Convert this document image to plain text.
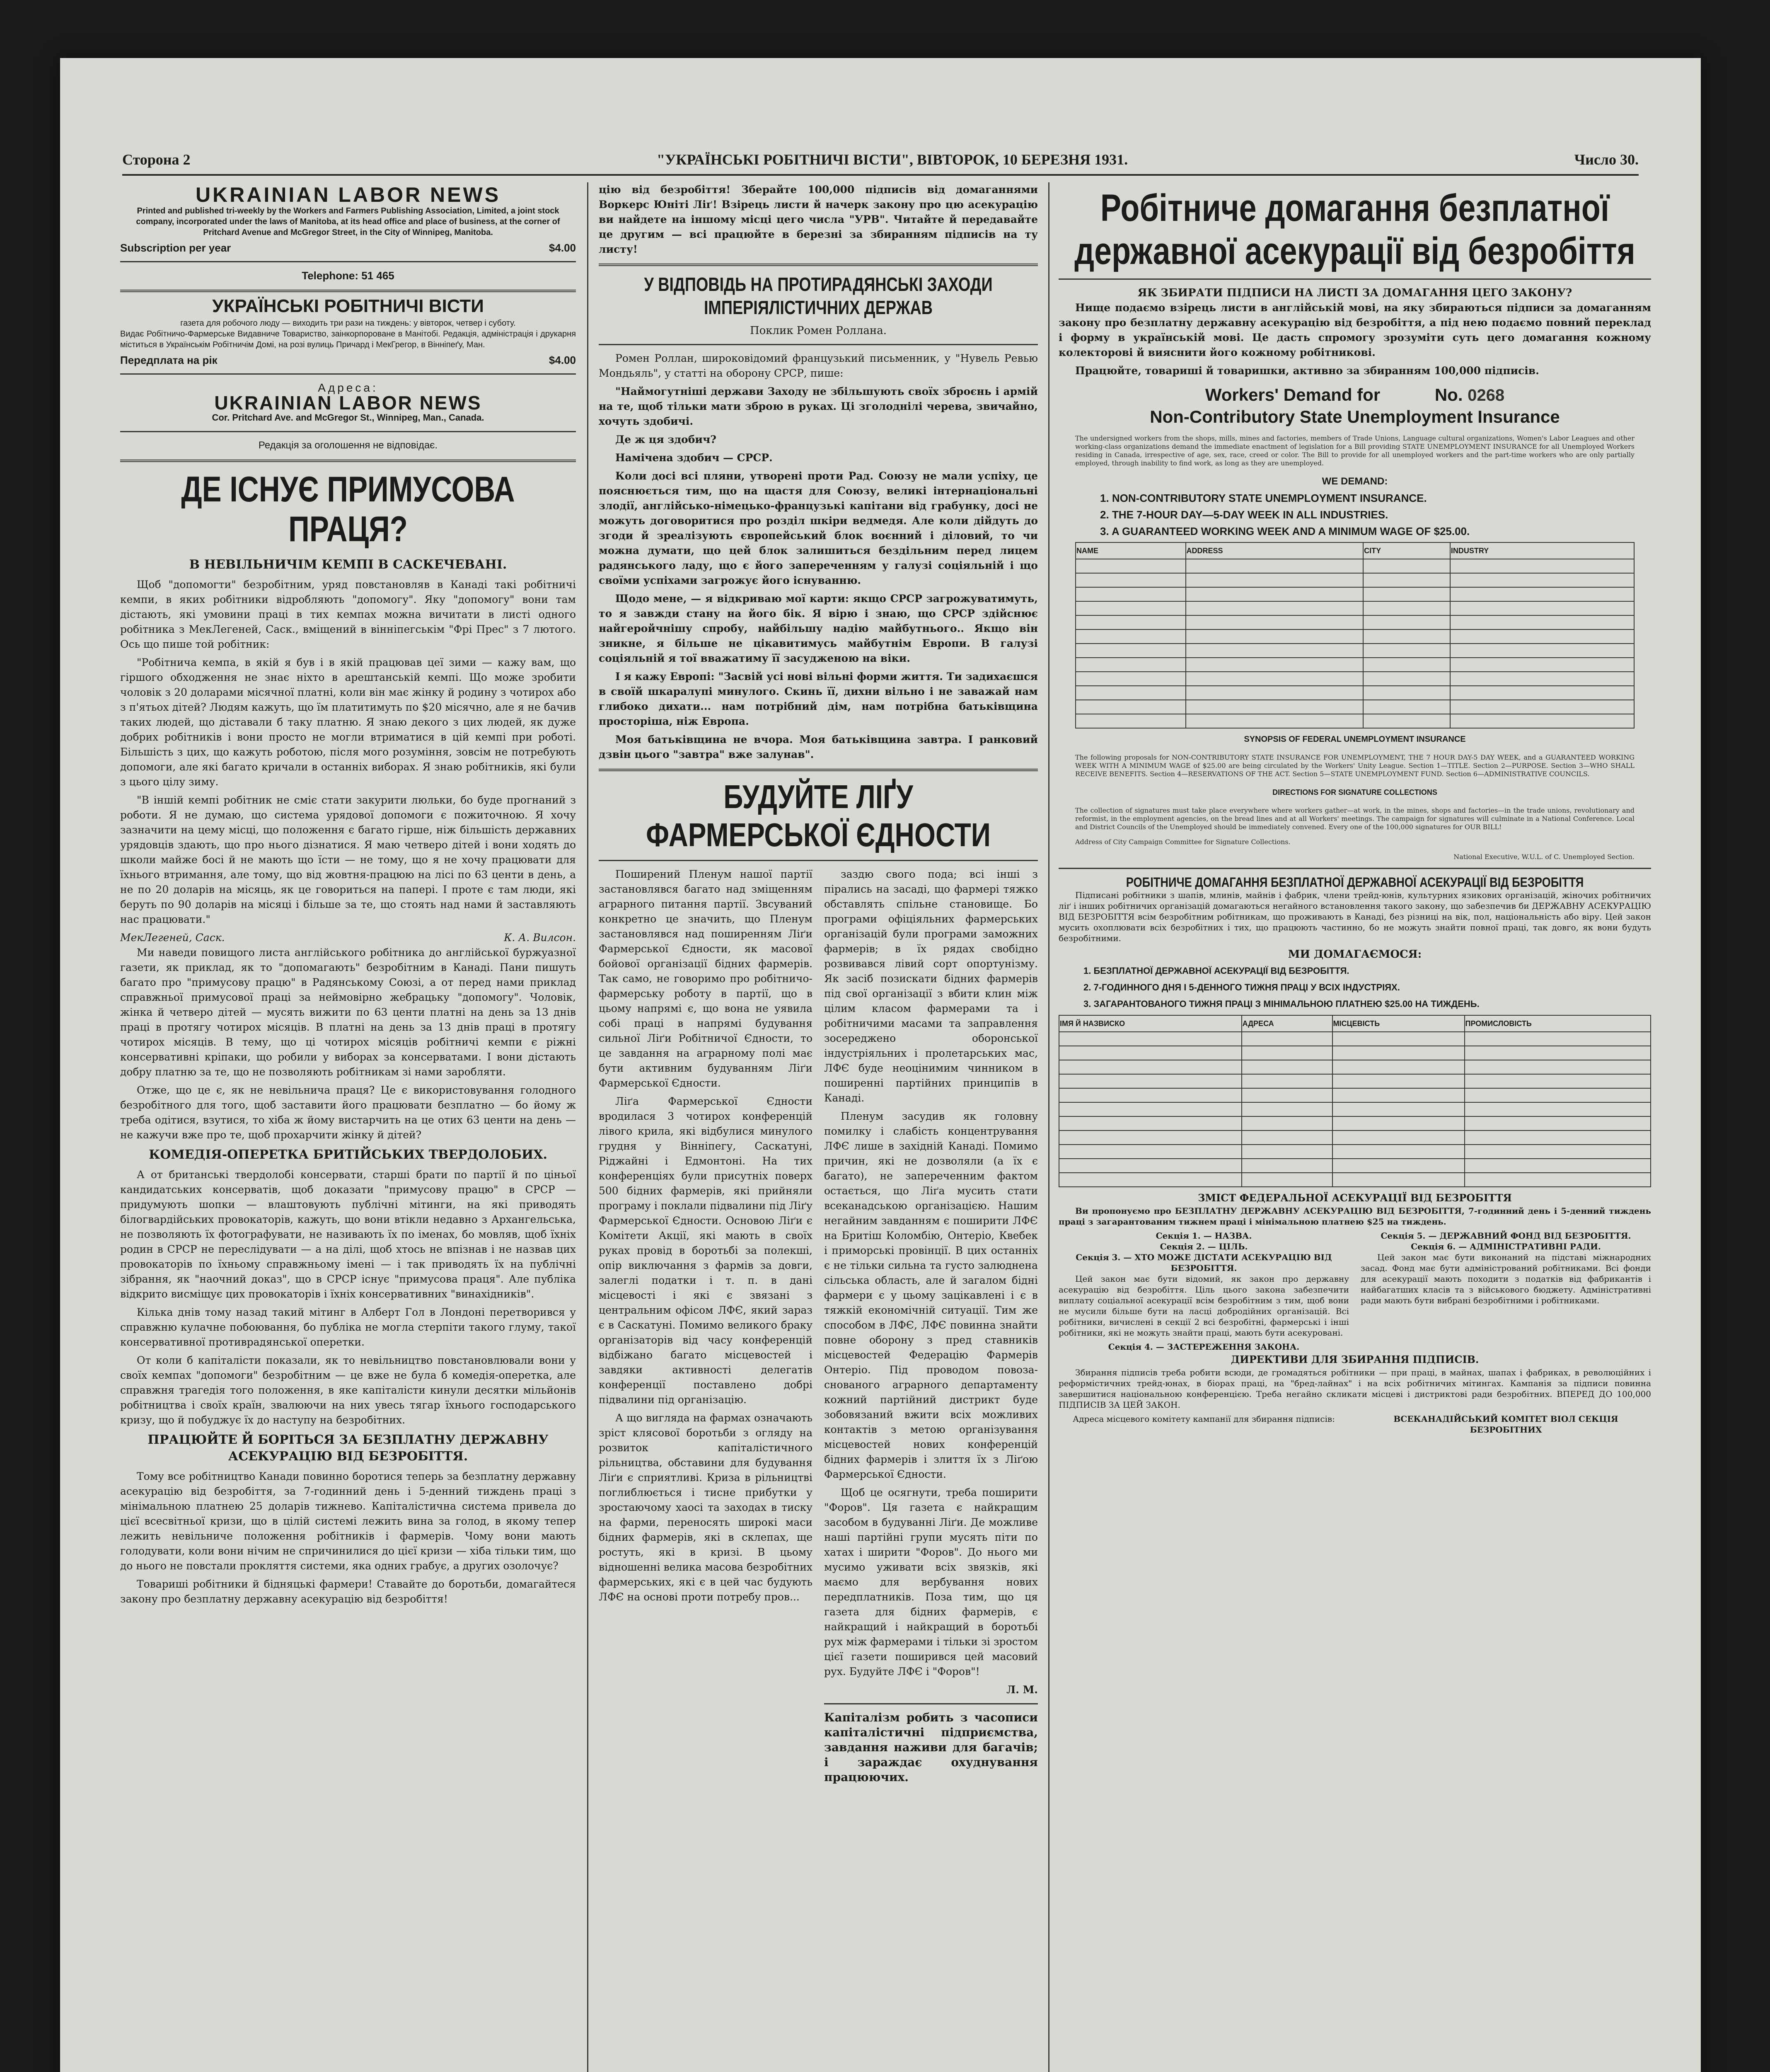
Сторона 2	"УКРАЇНСЬКІ РОБІТНИЧІ ВІСТИ", ВІВТОРОК, 10 БЕРЕЗНЯ 1931.	Число 30.
UKRAINIAN LABOR NEWS
Printed and published tri-weekly by the Workers and Farmers Publishing Association, Limited, a joint stock company, incorporated under the laws of Manitoba, at its head office and place of business, at the corner of Pritchard Avenue and McGregor Street, in the City of Winnipeg, Manitoba.
Subscription per year	$4.00
Telephone: 51 465
УКРАЇНСЬКІ РОБІТНИЧІ ВІСТИ
газета для робочого люду — виходить три рази на тиждень: у вівторок, четвер і суботу.
Видає Робітничо-Фармерське Видавниче Товариство, заінкорпороване в Манітобі. Редакція, адміністрація і друкарня міститься в Українськім Робітничім Домі, на розі вулиць Причард і МекГрегор, в Вінніпеґу, Ман.
Передплата на рік	$4.00
Адреса:
UKRAINIAN LABOR NEWS
Cor. Pritchard Ave. and McGregor St., Winnipeg, Man., Canada.
Редакція за оголошення не відповідає.
ДЕ ІСНУЄ ПРИМУСОВА ПРАЦЯ?
В НЕВІЛЬНИЧІМ КЕМПІ В САСКЕЧЕВАНІ.

Щоб "допомогти" безробітним, уряд повстановляв в Канаді такі робітничі кемпи, в яких робітники відробляють "допомогу". Яку "допомогу" вони там дістають, які умовини праці в тих кемпах можна вичитати в листі одного робітника з МекЛегеней, Саск., вміщений в вінніпегськім "Фрі Прес" з 7 лютого. Ось що пише той робітник:

"Робітнича кемпа, в якій я був і в якій працював цеї зими — кажу вам, що гіршого обходження не знає ніхто в арештанській кемпі. Що може зробити чоловік з 20 доларами місячної платні, коли він має жінку й родину з чотирох або з п'ятьох дітей? Людям кажуть, що їм платитимуть по $20 місячно, але я не бачив таких людей, що діставали б таку платню. Я знаю декого з цих людей, як дуже добрих робітників і вони просто не могли втриматися в цій кемпі при роботі. Більшість з цих, що кажуть роботою, після мого розуміння, зовсім не потребують допомоги, але які багато кричали в останніх виборах. Я знаю робітників, які були з цього цілу зиму.

"В іншій кемпі робітник не сміє стати закурити люльки, бо буде прогнаний з роботи. Я не думаю, що система урядової допомоги є пожиточною. Я хочу зазначити на цему місці, що положення є багато гірше, ніж більшість державних урядовців здають, що про нього дізнатися. Я маю четверо дітей і вони ходять до школи майже босі й не мають що їсти — не тому, що я не хочу працювати для їхнього втримання, але тому, що від жовтня-працюю на лісі по 63 центи в день, а не по 20 доларів на місяць, як це говориться на папері. І проте є там люди, які беруть по 90 доларів на місяці і більше за те, що стоять над нами й заставляють нас працювати."

МекЛегеней, Саск.	К. А. Вилсон.

Ми наведи повищого листа англійського робітника до англійської буржуазної газети, як приклад, як то "допомагають" безробітним в Канаді. Пани пишуть багато про "примусову працю" в Радянському Союзі, а от перед нами приклад справжньої примусової праці за неймовірно жебрацьку "допомогу". Чоловік, жінка й четверо дітей — мусять вижити по 63 центи платні на день за 13 днів праці в протягу чотирох місяців. В платні на день за 13 днів праці в протягу чотирох місяців. В тему, що ці чотирох місяців робітничі кемпи є ріжні консервативні кріпаки, що робили у виборах за консерватами. І вони дістають добру платню за те, що не позволяють робітникам зі нами заробляти.

Отже, що це є, як не невільнича праця? Це є використовування голодного безробітного для того, щоб заставити його працювати безплатно — бо йому ж треба одітися, взутися, то хіба ж йому вистарчить на це отих 63 центи на день — не кажучи вже про те, щоб прохарчити жінку й дітей?

КОМЕДІЯ-ОПЕРЕТКА БРИТІЙСЬКИХ ТВЕРДОЛОБИХ.

А от британські твердолобі консервати, старші брати по партії й по ціньої кандидатських консерватів, щоб доказати "примусову працю" в СРСР — придумують шопки — влаштовують публічні мітинги, на які приводять білогвардійських провокаторів, кажуть, що вони втікли недавно з Архангельська, не позволяють їх фотографувати, не називають їх по іменах, бо мовляв, щоб їхніх родин в СРСР не переслідувати — а на ділі, щоб хтось не впізнав і не назвав цих провокаторів по їхньому справжньому імені — і так приводять їх на публічні зібрання, як "наочний доказ", що в СРСР існує "примусова праця". Але публіка відкрито висміщує цих провокаторів і їхніх консервативних "винахідників".

Кілька днів тому назад такий мітинг в Алберт Гол в Лондоні перетворився у справжню кулачне побоювання, бо публіка не могла стерпіти такого глуму, такої консервативної противрадянської оперетки.

От коли б капіталісти показали, як то невільництво повстановлювали вони у своїх кемпах "допомоги" безробітним — це вже не була б комедія-оперетка, але справжня трагедія того положення, в яке капіталісти кинули десятки мільйонів робітництва і своїх країн, звалюючи на них увесь тягар їхнього господарського кризу, що й побуджує їх до наступу на безробітних.

ПРАЦЮЙТЕ Й БОРІТЬСЯ ЗА БЕЗПЛАТНУ ДЕРЖАВНУ АСЕКУРАЦІЮ ВІД БЕЗРОБІТТЯ.

Тому все робітництво Канади повинно боротися теперь за безплатну державну асекурацію від безробіття, за 7-годинний день і 5-денний тиждень праці з мінімальною платнею 25 доларів тижнево. Капіталістична система привела до цієї всесвітньої кризи, що в цілій системі лежить вина за голод, в якому тепер лежить невільниче положення робітників і фармерів. Чому вони мають голодувати, коли вони нічим не спричинилися до цієї кризи — хіба тільки тим, що до нього не повстали прокляття системи, яка одних грабує, а других озолочує?

Товариші робітники й бідняцькі фармери! Ставайте до боротьби, домагайтеся закону про безплатну державну асекурацію від безробіття!

цію від безробіття! Зберайте 100,000 підписів від домаганнями Воркерс Юніті Ліґ! Взірець листи й начерк закону про цю асекурацію ви найдете на іншому місці цего числа "УРВ". Читайте й передавайте це другим — всі працюйте в березні за збиранням підписів на ту листу!

У ВІДПОВІДЬ НА ПРОТИРАДЯНСЬКІ ЗАХОДИ ІМПЕРІЯЛІСТИЧНИХ ДЕРЖАВ
Поклик Ромен Роллана.

Ромен Роллан, широковідомий французький письменник, у "Нувель Ревью Мондьяль", у статті на оборону СРСР, пише:

"Наймогутніші держави Заходу не збільшують своїх зброєнь і армій на те, щоб тільки мати зброю в руках. Ці зголоднілі черева, звичайно, хочуть здобичі.

Де ж ця здобич?

Намічена здобич — СРСР.

Коли досі всі пляни, утворені проти Рад. Союзу не мали успіху, це пояснюється тим, що на щастя для Союзу, великі інтернаціональні злодії, англійсько-німецько-французькі капітани від грабунку, досі не можуть договоритися про розділ шкіри ведмедя. Але коли дійдуть до згоди й зреалізують європейський блок воєнний і діловий, то чи можна думати, що цей блок залишиться бездільним перед лицем радянського ладу, що є його запереченням у галузі соціяльній і що своїми успіхами загрожує його існуванню.

Щодо мене, — я відкриваю мої карти: якщо СРСР загрожуватимуть, то я завжди стану на його бік. Я вірю і знаю, що СРСР здійснює найгеройчнішу спробу, найбільшу надію майбутнього.. Якщо він зникне, я більше не цікавитимусь майбутнім Европи. В галузі соціяльній я тої вважатиму її засудженою на віки.

І я кажу Европі: "Засвій усі нові вільні форми життя. Ти задихаєшся в своїй шкаралупі минулого. Скинь її, дихни вільно і не заважай нам глибоко дихати... нам потрібний дім, нам потрібна батьківщина просторіша, ніж Европа.

Моя батьківщина не вчора. Моя батьківщина завтра. І ранковий дзвін цього "завтра" вже залунав".

БУДУЙТЕ ЛІҐУ ФАРМЕРСЬКОЇ ЄДНОСТИ

Поширений Пленум нашої партії застановлявся багато над зміщенням аграрного питання партії. Звсуваний конкретно це значить, що Пленум застановлявся над поширенням Ліґи Фармерської Єдности, як масової бойової організації бідних фармерів. Так само, не говоримо про робітничо-фармерську роботу в партії, що в цьому напрямі є, що вона не уявила собі праці в напрямі будування сильної Ліґи Робітничої Єдности, то це завдання на аграрному полі має бути активним будуванням Ліґи Фармерської Єдности.

Ліґа Фармерської Єдности вродилася 3 чотирох конференцій лівого крила, які відбулися минулого грудня у Вінніпегу, Саскатуні, Ріджайні і Едмонтоні. На тих конференціях були присутніх поверх 500 бідних фармерів, які прийняли програму і поклали підвалини під Ліґу Фармерської Єдности. Основою Ліґи є Комітети Акції, які мають в своїх руках провід в боротьбі за полекші, опір виключання з фармів за довги, залеглі податки і т. п. в дані місцевості і які є звязані з центральним офісом ЛФЄ, який зараз є в Саскатуні. Помимо великого браку організаторів від часу конференцій відбіжано багато місцевостей і завдяки активності делегатів конференції поставлено добрі підвалини під організацію.

А що вигляда на фармах означають зріст клясової боротьби з огляду на розвиток капіталістичного рільництва, обставини для будування Ліґи є сприятливі. Криза в рільництві поглиблюється і тисне прибутки у зростаючому хаосі та заходах в тиску на фарми, переносять широкі маси бідних фармерів, які в склепах, ще ростуть, які в кризі. В цьому відношенні велика масова безробітних фармерських, які є в цей час будують ЛФЄ на основі проти потребу пров...

заздю свого пода; всі інші з пірались на засаді, що фармері тяжко обставлять спільне становище. Бо програми офіціяльних фармерських організацій були програми заможних фармерів; в їх рядах свобідно розвивався лівий сорт опортунізму. Як засіб позискати бідних фармерів під свої організації з вбити клин між цілим класом фармерами та і робітничими масами та заправлення зосереджено оборонської індустріяльних і пролетарських мас, ЛФЄ буде неоцінимим чинником в поширенні партійних принципів в Канаді.

Пленум засудив як головну помилку і слабість концентрування ЛФЄ лише в західній Канаді. Помимо причин, які не дозволяли (а їх є багато), не запереченним фактом остається, що Ліґа мусить стати всеканадською організацією. Нашим негайним завданням є поширити ЛФЄ на Бритіш Коломбію, Онтеріо, Квебек і приморські провінції. В цих останніх є не тільки сильна та густо залюднена сільська область, але й загалом бідні фармери є у цьому зацікавлені і є в тяжкій економічній ситуації. Тим же способом в ЛФЄ, ЛФЄ повинна знайти повне оборону з пред ставників місцевостей Федерацію Фармерів Онтеріо. Під проводом повозаснованого аграрного департаменту кожний партійний дистрикт буде зобовязаний вжити всіх можливих контактів з метою організування місцевостей нових конференцій бідних фармерів і злиття їх з Ліґою Фармерської Єдности.

Щоб це осягнути, треба поширити "Форов". Ця газета є найкращим засобом в будуванні Ліґи. Де можливе наші партійні групи мусять піти по хатах і ширити "Форов". До нього ми мусимо уживати всіх звязків, які маємо для вербування нових передплатників. Поза тим, що ця газета для бідних фармерів, є найкращий і найкращий в боротьбі рух між фармерами і тільки зі зростом цієї газети поширився цей масовий рух. Будуйте ЛФЄ і "Форов"!

Л. М.

Капіталізм робить з часописи капіталістичні підприємства, завдання наживи для багачів; і зараждає охуднування працюючих.

Робітниче домагання безплатної державної асекурації від безробіття
ЯК ЗБИРАТИ ПІДПИСИ НА ЛИСТІ ЗА ДОМАГАННЯ ЦЕГО ЗАКОНУ?

Нище подаємо взірець листи в англійській мові, на яку збираються підписи за домаганням закону про безплатну державну асекурацію від безробіття, а під нею подаємо повний переклад і форму в українській мові. Це дасть спромогу зрозуміти суть цего домагання кожному колекторові й вияснити його кожному робітникові.

Працюйте, товариші й товаришки, активно за збиранням 100,000 підписів.

Workers' Demand for	No. 0268
Non-Contributory State Unemployment Insurance

The undersigned workers from the shops, mills, mines and factories, members of Trade Unions, Language cultural organizations, Women's Labor Leagues and other working-class organizations demand the immediate enactment of legislation for a Bill providing STATE UNEMPLOYMENT INSURANCE for all Unemployed Workers residing in Canada, irrespective of age, sex, race, creed or color. The Bill to provide for all unemployed workers and the part-time workers who are only partially employed, through inability to find work, as long as they are unemployed.

WE DEMAND:
1. NON-CONTRIBUTORY STATE UNEMPLOYMENT INSURANCE.
2. THE 7-HOUR DAY—5-DAY WEEK IN ALL INDUSTRIES.
3. A GUARANTEED WORKING WEEK AND A MINIMUM WAGE OF $25.00.
NAME	ADDRESS	CITY	INDUSTRY

SYNOPSIS OF FEDERAL UNEMPLOYMENT INSURANCE

The following proposals for NON-CONTRIBUTORY STATE INSURANCE FOR UNEMPLOYMENT, THE 7 HOUR DAY-5 DAY WEEK, and a GUARANTEED WORKING WEEK WITH A MINIMUM WAGE of $25.00 are being circulated by the Workers' Unity League. Section 1—TITLE. Section 2—PURPOSE. Section 3—WHO SHALL RECEIVE BENEFITS. Section 4—RESERVATIONS OF THE ACT. Section 5—STATE UNEMPLOYMENT FUND. Section 6—ADMINISTRATIVE COUNCILS.

DIRECTIONS FOR SIGNATURE COLLECTIONS

The collection of signatures must take place everywhere where workers gather—at work, in the mines, shops and factories—in the trade unions, revolutionary and reformist, in the employment agencies, on the bread lines and at all Workers' meetings. The campaign for signatures will culminate in a National Conference. Local and District Councils of the Unemployed should be immediately convened. Every one of the 100,000 signatures for OUR BILL!

Address of City Campaign Committee for Signature Collections.

National Executive, W.U.L. of C. Unemployed Section.

РОБІТНИЧЕ ДОМАГАННЯ БЕЗПЛАТНОЇ ДЕРЖАВНОЇ АСЕКУРАЦІЇ ВІД БЕЗРОБІТТЯ

Підписані робітники з шапів, млинів, майнів і фабрик, члени трейд-юнів, культурних язикових організацій, жіночих робітничих ліґ і інших робітничих організацій домагаються негайного встановлення такого закону, що забезпечив би ДЕРЖАВНУ АСЕКУРАЦІЮ ВІД БЕЗРОБІТТЯ всім безробітним робітникам, що проживають в Канаді, без різниці на вік, пол, національність або віру. Цей закон мусить охоплювати всіх безробітних і тих, що працюють частинно, бо не можуть знайти повної праці, так довго, як вони будуть безробітними.

МИ ДОМАГАЄМОСЯ:
1. БЕЗПЛАТНОЇ ДЕРЖАВНОЇ АСЕКУРАЦІЇ ВІД БЕЗРОБІТТЯ.
2. 7-ГОДИННОГО ДНЯ І 5-ДЕННОГО ТИЖНЯ ПРАЦІ У ВСІХ ІНДУСТРІЯХ.
3. ЗАГАРАНТОВАНОГО ТИЖНЯ ПРАЦІ З МІНІМАЛЬНОЮ ПЛАТНЕЮ $25.00 НА ТИЖДЕНЬ.
ІМЯ Й НАЗВИСКО	АДРЕСА	МІСЦЕВІСТЬ	ПРОМИСЛОВІСТЬ

ЗМІСТ ФЕДЕРАЛЬНОЇ АСЕКУРАЦІЇ ВІД БЕЗРОБІТТЯ

Ви пропонуємо про БЕЗПЛАТНУ ДЕРЖАВНУ АСЕКУРАЦІЮ ВІД БЕЗРОБІТТЯ, 7-годинний день і 5-денний тиждень праці з загарантованим тижнем праці і мінімальною платнею $25 на тиждень.

Секція 1. — НАЗВА.
Секція 2. — ЦІЛЬ.
Секція 3. — ХТО МОЖЕ ДІСТАТИ АСЕКУРАЦІЮ ВІД БЕЗРОБІТТЯ.

Цей закон має бути відомий, як закон про державну асекурацію від безробіття. Ціль цього закона забезпечити виплату соціальної асекурації всім безробітним з тим, щоб вони не мусили більше бути на ласці добродійних організацій. Всі робітники, вичислені в секції 2 всі безробітні, фармерські і інші робітники, які не можуть знайти праці, мають бути асекуровані.

Секція 4. — ЗАСТЕРЕЖЕННЯ ЗАКОНА.
Секція 5. — ДЕРЖАВНИЙ ФОНД ВІД БЕЗРОБІТТЯ.
Секція 6. — АДМІНІСТРАТИВНІ РАДИ.

Цей закон має бути виконаний на підставі міжнародних засад. Фонд має бути адміністрований робітниками. Всі фонди для асекурації мають походити з податків від фабрикантів і найбагатших класів та з військового бюджету. Адміністративні ради мають бути вибрані безробітними і робітниками.

ДИРЕКТИВИ ДЛЯ ЗБИРАННЯ ПІДПИСІВ.

Збирання підписів треба робити всюди, де громадяться робітники — при праці, в майнах, шапах і фабриках, в революційних і реформістичних трейд-юнах, в біорах праці, на "бред-лайнах" і на всіх робітничих мітингах. Кампанія за підписи повинна завершитися національною конференцією. Треба негайно скликати місцеві і дистриктові ради безробітних. ВПЕРЕД ДО 100,000 ПІДПИСІВ ЗА ЦЕЙ ЗАКОН.

Адреса місцевого комітету кампанії для збирання підписів:	ВСЕКАНАДІЙСЬКИЙ КОМІТЕТ ВІОЛ СЕКЦІЯ БЕЗРОБІТНИХ
